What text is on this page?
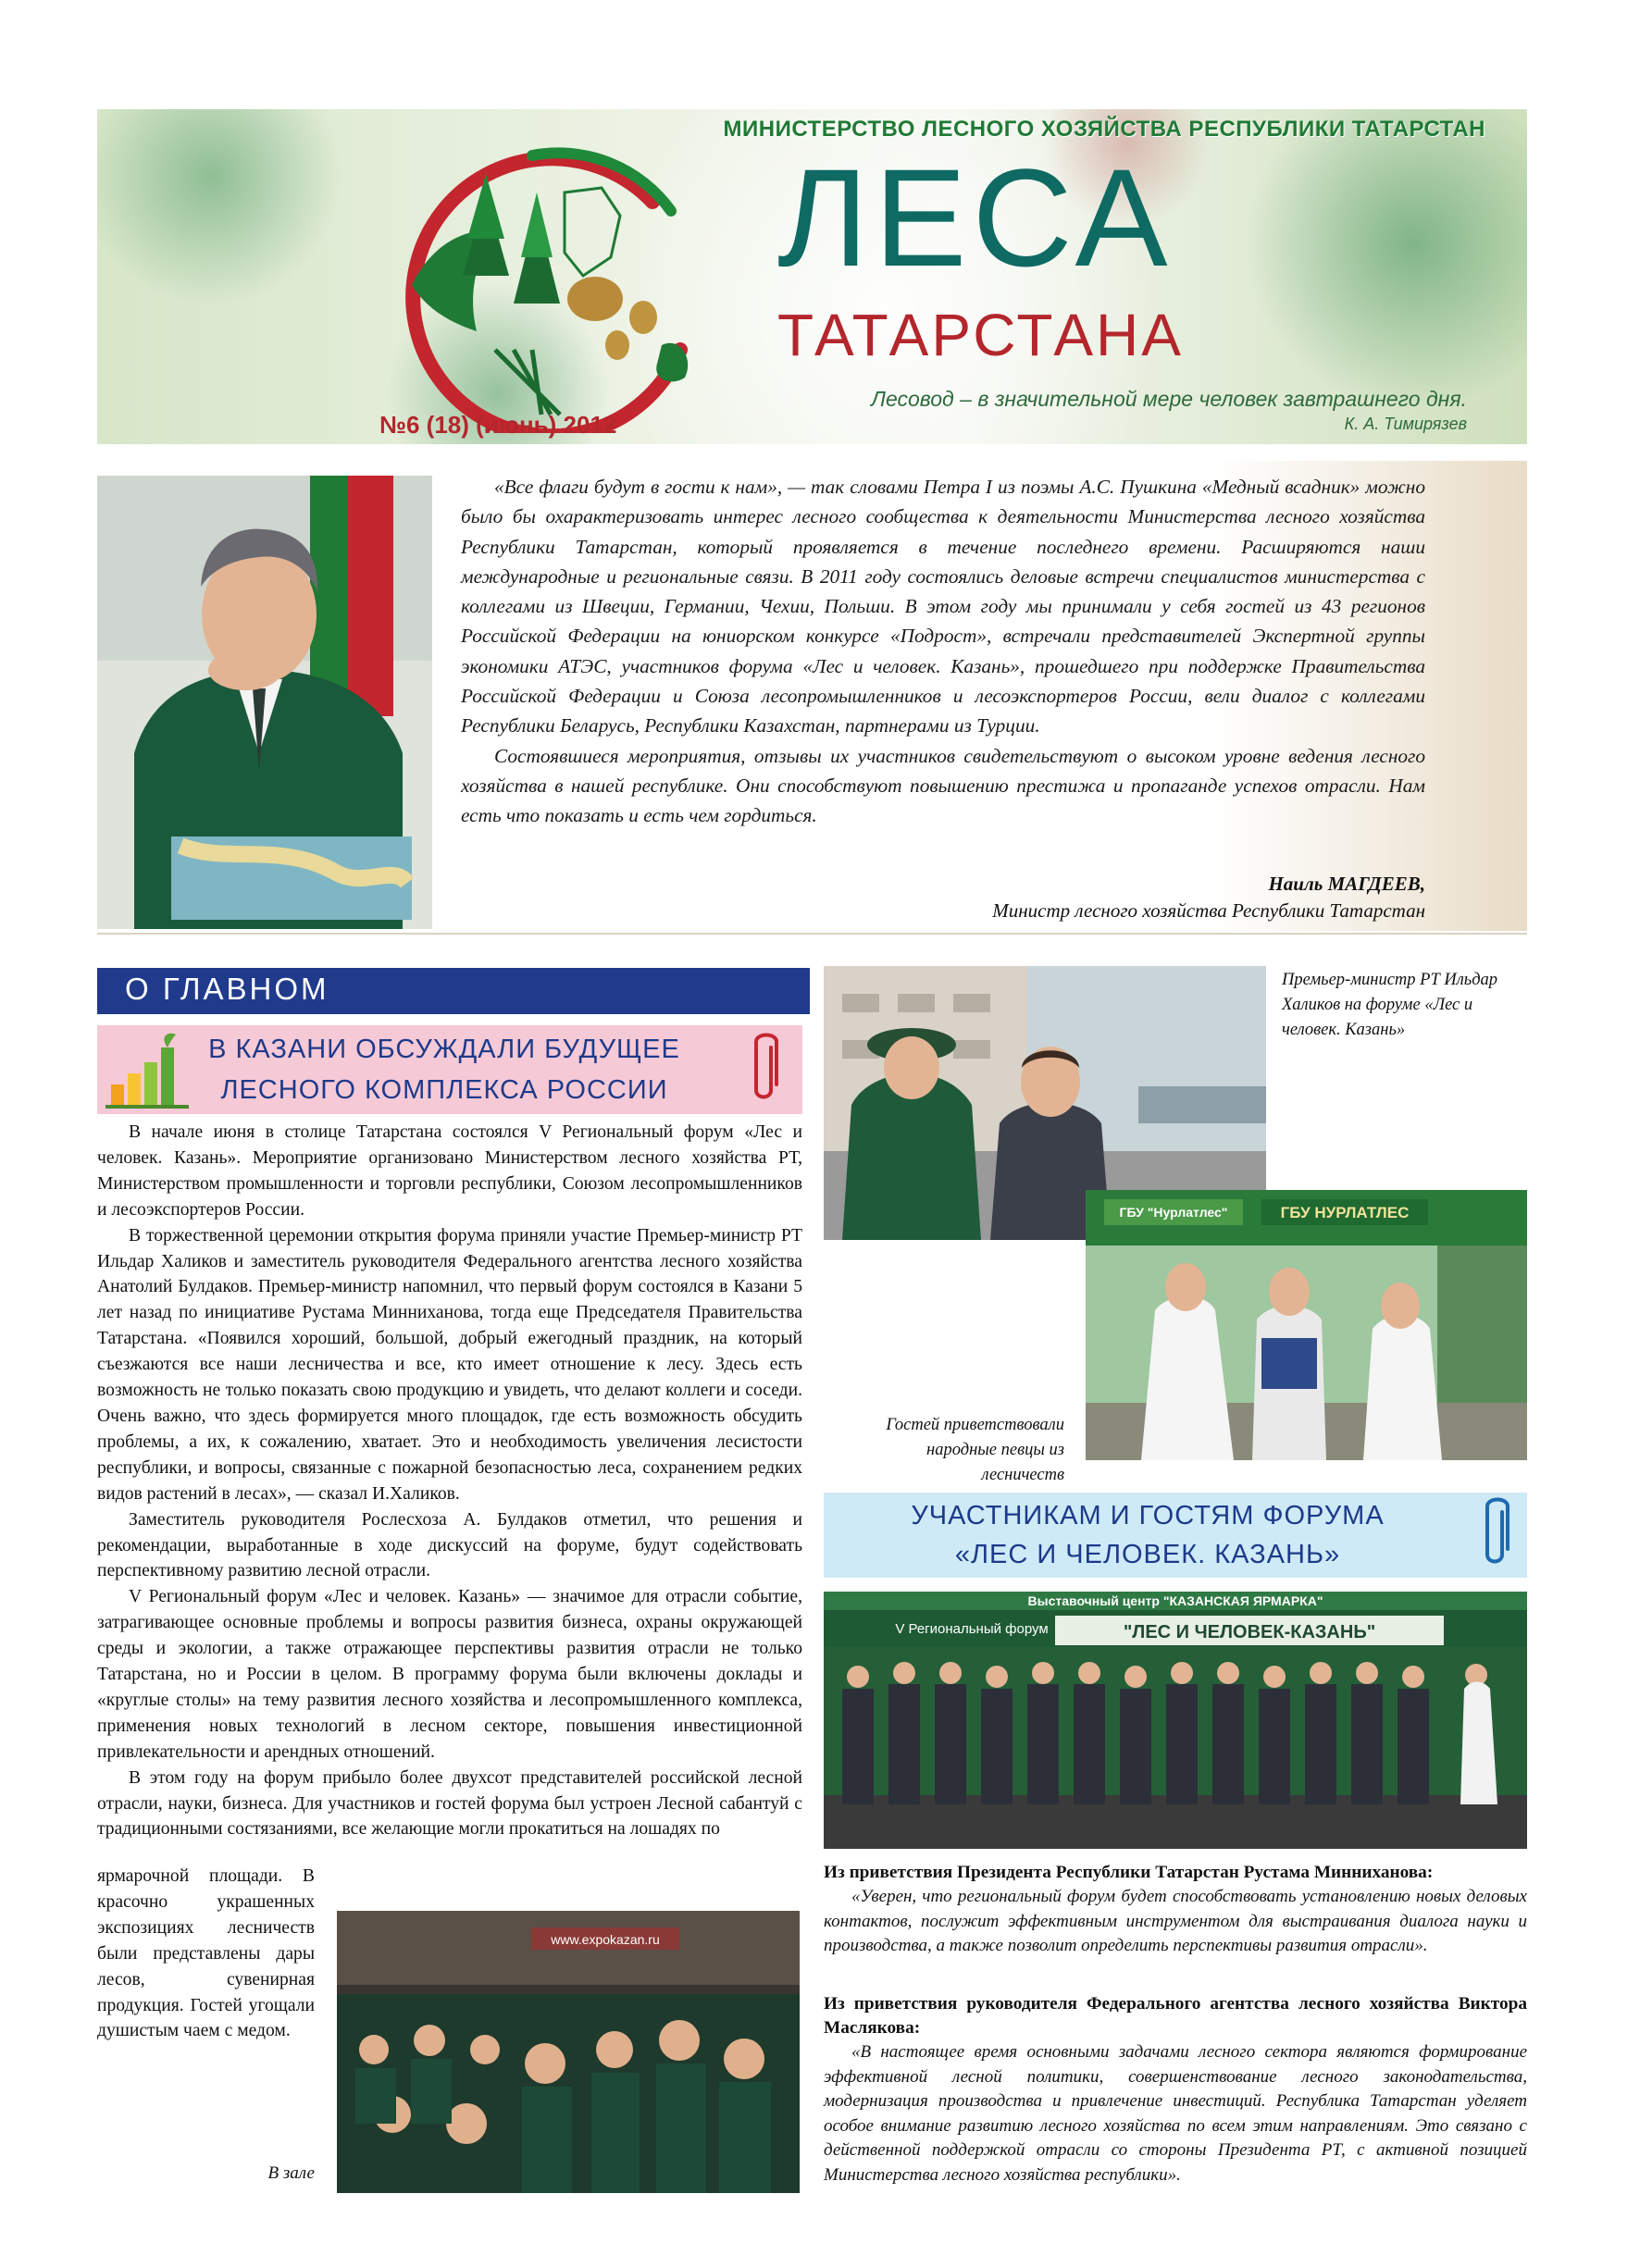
МИНИСТЕРСТВО ЛЕСНОГО ХОЗЯЙСТВА РЕСПУБЛИКИ ТАТАРСТАН
ЛЕСА
ТАТАРСТАНА
Лесовод – в значительной мере человек завтрашнего дня.
К. А. Тимирязев
№6 (18) (июнь) 2012

«Все флаги будут в гости к нам», — так словами Петра I из поэмы А.С. Пушкина «Медный всадник» можно было бы охарактеризовать интерес лесного сообщества к деятельности Министерства лесного хозяйства Республики Татарстан, который проявляется в течение последнего времени. Расширяются наши международные и региональные связи. В 2011 году состоялись деловые встречи специалистов министерства с коллегами из Швеции, Германии, Чехии, Польши. В этом году мы принимали у себя гостей из 43 регионов Российской Федерации на юниорском конкурсе «Подрост», встречали представителей Экспертной группы экономики АТЭС, участников форума «Лес и человек. Казань», прошедшего при поддержке Правительства Российской Федерации и Союза лесопромышленников и лесоэкспортеров России, вели диалог с коллегами Республики Беларусь, Республики Казахстан, партнерами из Турции.

Состоявшиеся мероприятия, отзывы их участников свидетельствуют о высоком уровне ведения лесного хозяйства в нашей республике. Они способствуют повышению престижа и пропаганде успехов отрасли. Нам есть что показать и есть чем гордиться.

Наиль МАГДЕЕВ,
Министр лесного хозяйства Республики Татарстан
О ГЛАВНОМ
В КАЗАНИ ОБСУЖДАЛИ БУДУЩЕЕ
ЛЕСНОГО КОМПЛЕКСА РОССИИ

В начале июня в столице Татарстана состоялся V Региональный форум «Лес и человек. Казань». Мероприятие организовано Министерством лесного хозяйства РТ, Министерством промышленности и торговли республики, Союзом лесопромышленников и лесоэкспортеров России.

В торжественной церемонии открытия форума приняли участие Премьер-министр РТ Ильдар Халиков и заместитель руководителя Федерального агентства лесного хозяйства Анатолий Булдаков. Премьер-министр напомнил, что первый форум состоялся в Казани 5 лет назад по инициативе Рустама Минниханова, тогда еще Председателя Правительства Татарстана. «Появился хороший, большой, добрый ежегодный праздник, на который съезжаются все наши лесничества и все, кто имеет отношение к лесу. Здесь есть возможность не только показать свою продукцию и увидеть, что делают коллеги и соседи. Очень важно, что здесь формируется много площадок, где есть возможность обсудить проблемы, а их, к сожалению, хватает. Это и необходимость увеличения лесистости республики, и вопросы, связанные с пожарной безопасностью леса, сохранением редких видов растений в лесах», — сказал И.Халиков.

Заместитель руководителя Рослесхоза А. Булдаков отметил, что решения и рекомендации, выработанные в ходе дискуссий на форуме, будут содействовать перспективному развитию лесной отрасли.

V Региональный форум «Лес и человек. Казань» — значимое для отрасли событие, затрагивающее основные проблемы и вопросы развития бизнеса, охраны окружающей среды и экологии, а также отражающее перспективы развития отрасли не только Татарстана, но и России в целом. В программу форума были включены доклады и «круглые столы» на тему развития лесного хозяйства и лесопромышленного комплекса, применения новых технологий в лесном секторе, повышения инвестиционной привлекательности и арендных отношений.

В этом году на форум прибыло более двухсот представителей российской лесной отрасли, науки, бизнеса. Для участников и гостей форума был устроен Лесной сабантуй с традиционными состязаниями, все желающие могли прокатиться на лошадях по

ярмарочной площади. В красочно украшенных экспозициях лесничеств были представлены дары лесов, сувенирная продукция. Гостей угощали душистым чаем с медом.

www.expokazan.ru
В зале
Премьер-министр РТ Ильдар Халиков на форуме «Лес и человек. Казань»
ГБУ "Нурлатлес"	ГБУ НУРЛАТЛЕС
Гостей приветствовали народные певцы из лесничеств
УЧАСТНИКАМ И ГОСТЯМ ФОРУМА
«ЛЕС И ЧЕЛОВЕК. КАЗАНЬ»
Выставочный центр "КАЗАНСКАЯ ЯРМАРКА"
V Региональный форум	"ЛЕС И ЧЕЛОВЕК-КАЗАНЬ"
Из приветствия Президента Республики Татарстан Рустама Минниханова:
«Уверен, что региональный форум будет способствовать установлению новых деловых контактов, послужит эффективным инструментом для выстраивания диалога науки и производства, а также позволит определить перспективы развития отрасли».
Из приветствия руководителя Федерального агентства лесного хозяйства Виктора Маслякова:
«В настоящее время основными задачами лесного сектора являются формирование эффективной лесной политики, совершенствование лесного законодательства, модернизация производства и привлечение инвестиций. Республика Татарстан уделяет особое внимание развитию лесного хозяйства по всем этим направлениям. Это связано с действенной поддержкой отрасли со стороны Президента РТ, с активной позицией Министерства лесного хозяйства республики».
